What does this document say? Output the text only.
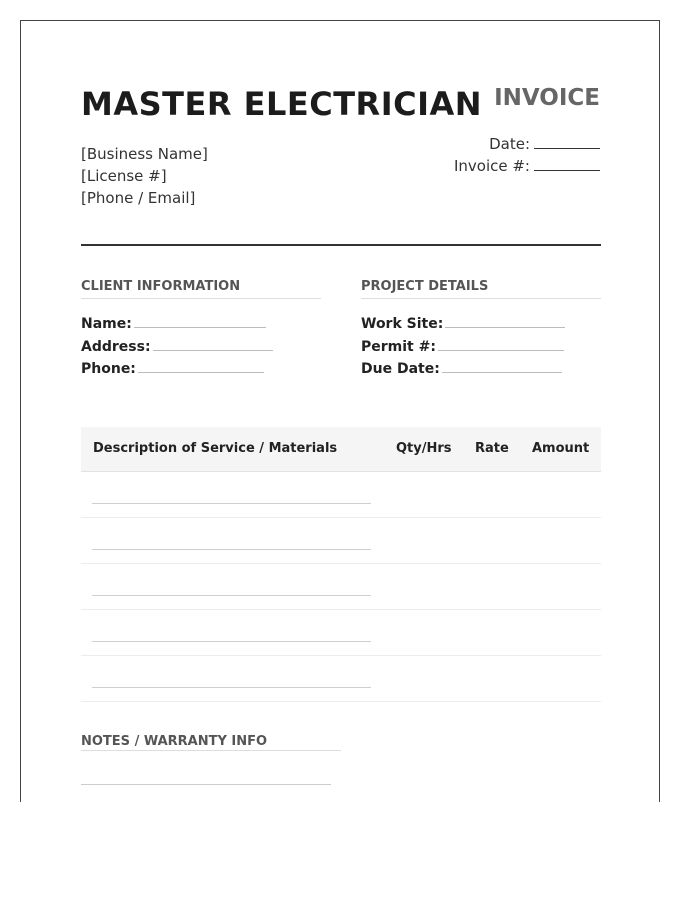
MASTER ELECTRICIAN INVOICE
[Business Name]
[License #]
[Phone / Email]
Date:
Invoice #:
CLIENT INFORMATION	PROJECT DETAILS
Name:
Address:
Phone:
Work Site:
Permit #:
Due Date:
Description of Service / Materials	Qty/Hrs Rate Amount
NOTES / WARRANTY INFO
